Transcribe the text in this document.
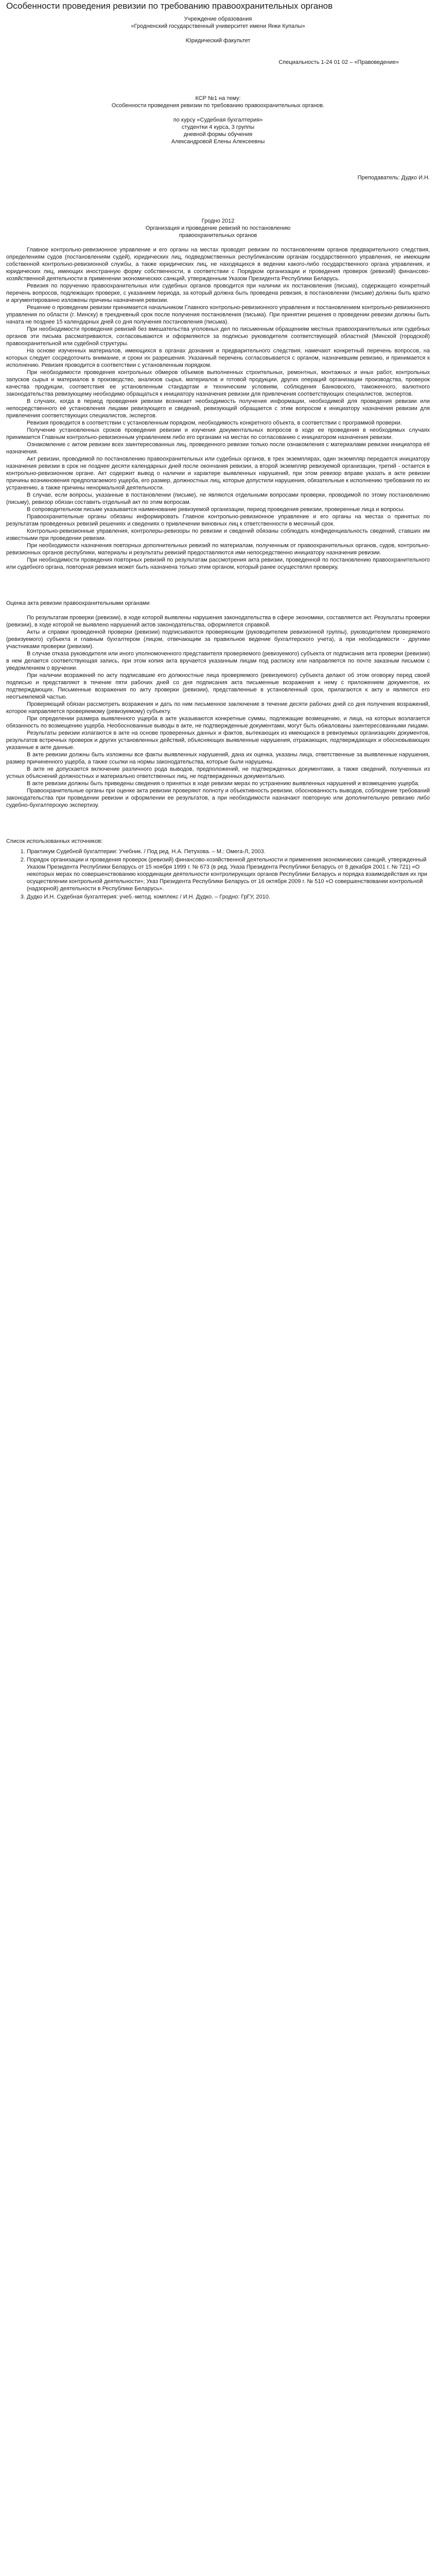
Особенности проведения ревизии по требованию правоохранительных органов
Учреждение образования
«Гродненский государственный университет имени Янки Купалы»
Юридический факультет
Специальность 1-24 01 02 – «Правоведение»
КСР №1 на тему:
Особенности проведения ревизии по требованию правоохранительных органов.
по курсу «Судебная бухгалтерия»
студентки 4 курса, 3 группы
дневной формы обучения
Александровой Елены Алексеевны
Преподаватель: Дудко И.Н.
Гродно 2012

Организация и проведение ревизий по постановлению

правоохранительных органов

Главное контрольно-ревизионное управление и его органы на местах проводят ревизии по постановлениям органов предварительного следствия, определениям судов (постановлениям судей), юридических лиц, подведомственных республиканским органам государственного управления, не имеющим собственной контрольно-ревизионной службы, а также юридических лиц, не находящихся в ведении какого-либо государственного органа управления, и юридических лиц, имеющих иностранную форму собственности, в соответствии с Порядком организации и проведения проверок (ревизий) финансово-хозяйственной деятельности в применении экономических санкций, утвержденным Указом Президента Республики Беларусь.

Ревизия по поручению правоохранительных или судебных органов проводится при наличии их постановления (письма), содержащего конкретный перечень вопросов, подлежащих проверке, с указанием периода, за который должна быть проведена ревизия, в постановлении (письме) должны быть кратко и аргументированно изложены причины назначения ревизии.

Решение о проведении ревизии принимается начальником Главного контрольно-ревизионного управления и постановлением контрольно-ревизионного управления по области (г. Минску) в трехдневный срок после получения постановления (письма). При принятии решения о проведении ревизии должны быть начата не позднее 15 календарных дней со дня получения постановления (письма).

При необходимости проведения ревизий без вмешательства уголовных дел по письменным обращениям местных правоохранительных или судебных органов эти письма рассматриваются, согласовываются и оформляются за подписью руководителя соответствующей областной (Минской (городской) правоохранительной или судебной структуры.

На основе изученных материалов, имеющихся в органах дознания и предварительного следствия, намечают конкретный перечень вопросов, на которых следует сосредоточить внимание, и сроки их разрешения. Указанный перечень согласовывается с органом, назначившим ревизию, и принимается к исполнению. Ревизия проводится в соответствии с установленным порядком.

При необходимости проведения контрольных обмеров объемов выполненных строительных, ремонтных, монтажных и иных работ, контрольных запусков сырья и материалов в производство, анализов сырья, материалов и готовой продукции, других операций организации производства, проверок качества продукции, соответствия ее установленным стандартам и техническим условиям, соблюдения Банковского, таможенного, валютного законодательства ревизующему необходимо обращаться к инициатору назначения ревизии для привлечения соответствующих специалистов, экспертов.

В случаях, когда в период проведения ревизии возникает необходимость получения информации, необходимой для проведения ревизии или непосредственного её установления лицами ревизующего и сведений, ревизующий обращается с этим вопросом к инициатору назначения ревизии для привлечения соответствующих специалистов, экспертов.

Ревизия проводится в соответствии с установленным порядком, необходимость конкретного объекта, в соответствии с программой проверки.

Получение установленных сроков проведения ревизии и изучения документальных вопросов в ходе ее проведения в необходимых случаях принимается Главным контрольно-ревизионным управлением либо его органами на местах по согласованию с инициатором назначения ревизии.

Ознакомление с актом ревизии всех заинтересованных лиц, проведенного ревизии только после ознакомления с материалами ревизии инициатора её назначения.

Акт ревизии, проводимой по постановлению правоохранительных или судебных органов, в трех экземплярах, один экземпляр передается инициатору назначения ревизии в срок не позднее десяти календарных дней после окончания ревизии, а второй экземпляр ревизуемой организации, третий - остается в контрольно-ревизионном органе. Акт содержит вывод о наличии и характере выявленных нарушений, при этом ревизор вправе указать в акте ревизии причины возникновения предполагаемого ущерба, его размер, должностных лиц, которые допустили нарушения, обязательные к исполнению требования по их устранению, а также причины ненормальной деятельности.

В случае, если вопросы, указанные в постановлении (письме), не являются отдельными вопросами проверки, проводимой по этому постановлению (письму), ревизор обязан составить отдельный акт по этим вопросам.

В сопроводительном письме указывается наименование ревизуемой организации, период проведения ревизии, проверенные лица и вопросы.

Правоохранительные органы обязаны информировать Главное контрольно-ревизионное управление и его органы на местах о принятых по результатам проведенных ревизий решениях и сведениях о привлечении виновных лиц к ответственности в месячный срок.

Контрольно-ревизионные управления, контролеры-ревизоры по ревизии и сведений обязаны соблюдать конфиденциальность сведений, ставших им известными при проведении ревизии.

При необходимости назначения повторных дополнительных ревизий по материалам, полученным от правоохранительных органов, судов, контрольно-ревизионных органов республики, материалы и результаты ревизий предоставляются ими непосредственно инициатору назначения ревизии.

При необходимости проведения повторных ревизий по результатам рассмотрения акта ревизии, проведенной по постановлению правоохранительного или судебного органа, повторная ревизия может быть назначена только этим органом, который ранее осуществлял проверку.

Оценка акта ревизии правоохранительными органами

По результатам проверки (ревизии), в ходе которой выявлены нарушения законодательства в сфере экономики, составляется акт. Результаты проверки (ревизии), в ходе которой не выявлено нарушений актов законодательства, оформляется справкой.

Акты и справки проведенной проверки (ревизии) подписываются проверяющим (руководителем ревизионной группы), руководителем проверяемого (ревизуемого) субъекта и главным бухгалтером (лицом, отвечающим за правильное ведение бухгалтерского учета), а при необходимости - другими участниками проверки (ревизии).

В случае отказа руководителя или иного уполномоченного представителя проверяемого (ревизуемого) субъекта от подписания акта проверки (ревизии) в нем делается соответствующая запись, при этом копия акта вручается указанным лицам под расписку или направляется по почте заказным письмом с уведомлением о вручении.

При наличии возражений по акту подписавшие его должностные лица проверяемого (ревизуемого) субъекта делают об этом оговорку перед своей подписью и представляют в течение пяти рабочих дней со дня подписания акта письменные возражения к нему с приложением документов, их подтверждающих. Письменные возражения по акту проверки (ревизии), представленные в установленный срок, прилагаются к акту и являются его неотъемлемой частью.

Проверяющий обязан рассмотреть возражения и дать по ним письменное заключение в течение десяти рабочих дней со дня получения возражений, которое направляется проверяемому (ревизуемому) субъекту.

При определении размера выявленного ущерба в акте указываются конкретные суммы, подлежащие возмещению, и лица, на которых возлагается обязанность по возмещению ущерба. Необоснованные выводы в акте, не подтвержденные документами, могут быть обжалованы заинтересованными лицами.

Результаты ревизии излагаются в акте на основе проверенных данных и фактов, вытекающих из имеющихся в ревизуемых организациях документов, результатов встречных проверок и других установленных действий, объясняющих выявленные нарушения, отражающих, подтверждающих и обосновывающих указанные в акте данные.

В акте ревизии должны быть изложены все факты выявленных нарушений, дана их оценка, указаны лица, ответственные за выявленные нарушения, размер причиненного ущерба, а также ссылки на нормы законодательства, которые были нарушены.

В акте не допускается включение различного рода выводов, предположений, не подтвержденных документами, а также сведений, полученных из устных объяснений должностных и материально ответственных лиц, не подтвержденных документально.

В акте ревизии должны быть приведены сведения о принятых в ходе ревизии мерах по устранению выявленных нарушений и возмещению ущерба.

Правоохранительные органы при оценке акта ревизии проверяют полноту и объективность ревизии, обоснованность выводов, соблюдение требований законодательства при проведении ревизии и оформлении ее результатов, а при необходимости назначают повторную или дополнительную ревизию либо судебно-бухгалтерскую экспертизу.

Список использованных источников:

1. Практикум Судебной бухгалтерии: Учебник. / Под ред. Н.А. Петухова. – М.: Омега-Л, 2003.
2. Порядок организации и проведения проверок (ревизий) финансово-хозяйственной деятельности и применения экономических санкций, утвержденный Указом Президента Республики Беларусь от 15 ноября 1999 г. № 673 (в ред. Указа Президента Республики Беларусь от 8 декабря 2001 г. № 721) «О некоторых мерах по совершенствованию координации деятельности контролирующих органов Республики Беларусь и порядка взаимодействия их при осуществлении контрольной деятельности»; Указ Президента Республики Беларусь от 16 октября 2009 г. № 510 «О совершенствовании контрольной (надзорной) деятельности в Республике Беларусь».
3. Дудко И.Н. Судебная бухгалтерия: учеб.-метод. комплекс / И.Н. Дудко. – Гродно: ГрГУ, 2010.
